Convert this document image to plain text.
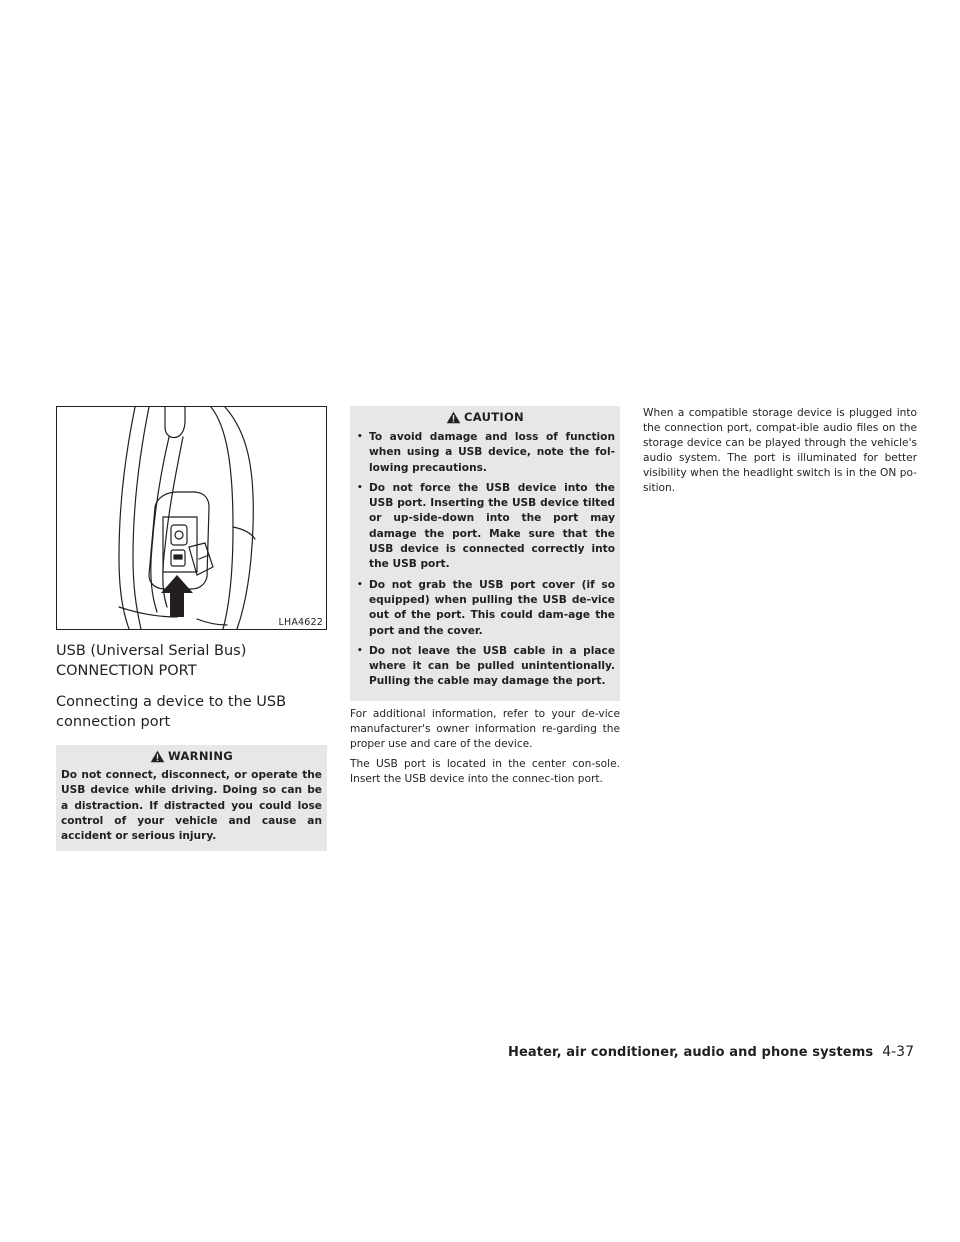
LHA4622
USB (Universal Serial Bus)
CONNECTION PORT
Connecting a device to the USB
connection port
WARNING

Do not connect, disconnect, or operate the USB device while driving. Doing so can be a distraction. If distracted you could lose control of your vehicle and cause an accident or serious injury.

CAUTION
• To avoid damage and loss of function when using a USB device, note the fol-lowing precautions.
• Do not force the USB device into the USB port. Inserting the USB device tilted or up-side-down into the port may damage the port. Make sure that the USB device is connected correctly into the USB port.
• Do not grab the USB port cover (if so equipped) when pulling the USB de-vice out of the port. This could dam-age the port and the cover.
• Do not leave the USB cable in a place where it can be pulled unintentionally. Pulling the cable may damage the port.

For additional information, refer to your de-vice manufacturer's owner information re-garding the proper use and care of the device.

The USB port is located in the center con-sole. Insert the USB device into the connec-tion port.

When a compatible storage device is plugged into the connection port, compat-ible audio files on the storage device can be played through the vehicle's audio system. The port is illuminated for better visibility when the headlight switch is in the ON po-sition.

Heater, air conditioner, audio and phone systems 4-37
